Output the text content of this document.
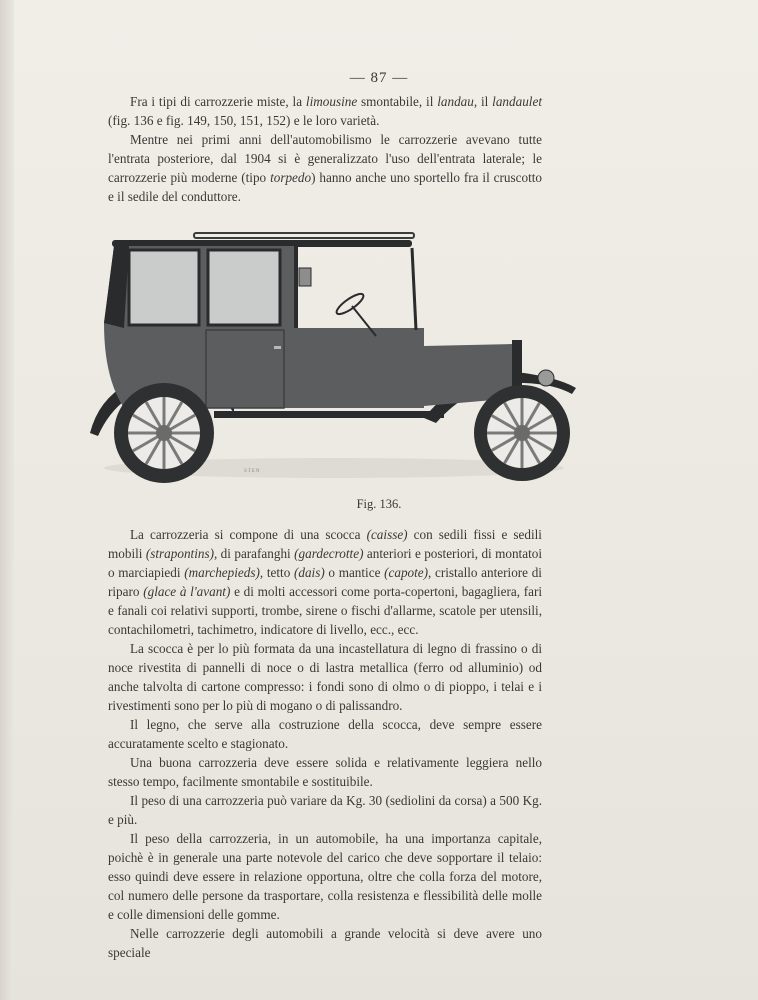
— 87 —

Fra i tipi di carrozzerie miste, la limousine smontabile, il landau, il landaulet (fig. 136 e fig. 149, 150, 151, 152) e le loro varietà.

Mentre nei primi anni dell'automobilismo le carrozzerie avevano tutte l'entrata posteriore, dal 1904 si è generalizzato l'uso dell'entrata laterale; le carrozzerie più moderne (tipo torpedo) hanno anche uno sportello fra il cruscotto e il sedile del conduttore.

STEN
Fig. 136.

La carrozzeria si compone di una scocca (caisse) con sedili fissi e sedili mobili (strapontins), di parafanghi (gardecrotte) anteriori e posteriori, di montatoi o marciapiedi (marchepieds), tetto (dais) o mantice (capote), cristallo anteriore di riparo (glace à l'avant) e di molti accessori come porta-copertoni, bagagliera, fari e fanali coi relativi supporti, trombe, sirene o fischi d'allarme, scatole per utensili, contachilometri, tachimetro, indicatore di livello, ecc., ecc.

La scocca è per lo più formata da una incastellatura di legno di frassino o di noce rivestita di pannelli di noce o di lastra metallica (ferro od alluminio) od anche talvolta di cartone compresso: i fondi sono di olmo o di pioppo, i telai e i rivestimenti sono per lo più di mogano o di palissandro.

Il legno, che serve alla costruzione della scocca, deve sempre essere accuratamente scelto e stagionato.

Una buona carrozzeria deve essere solida e relativamente leggiera nello stesso tempo, facilmente smontabile e sostituibile.

Il peso di una carrozzeria può variare da Kg. 30 (sediolini da corsa) a 500 Kg. e più.

Il peso della carrozzeria, in un automobile, ha una importanza capitale, poichè è in generale una parte notevole del carico che deve sopportare il telaio: esso quindi deve essere in relazione opportuna, oltre che colla forza del motore, col numero delle persone da trasportare, colla resistenza e flessibilità delle molle e colle dimensioni delle gomme.

Nelle carrozzerie degli automobili a grande velocità si deve avere uno speciale
